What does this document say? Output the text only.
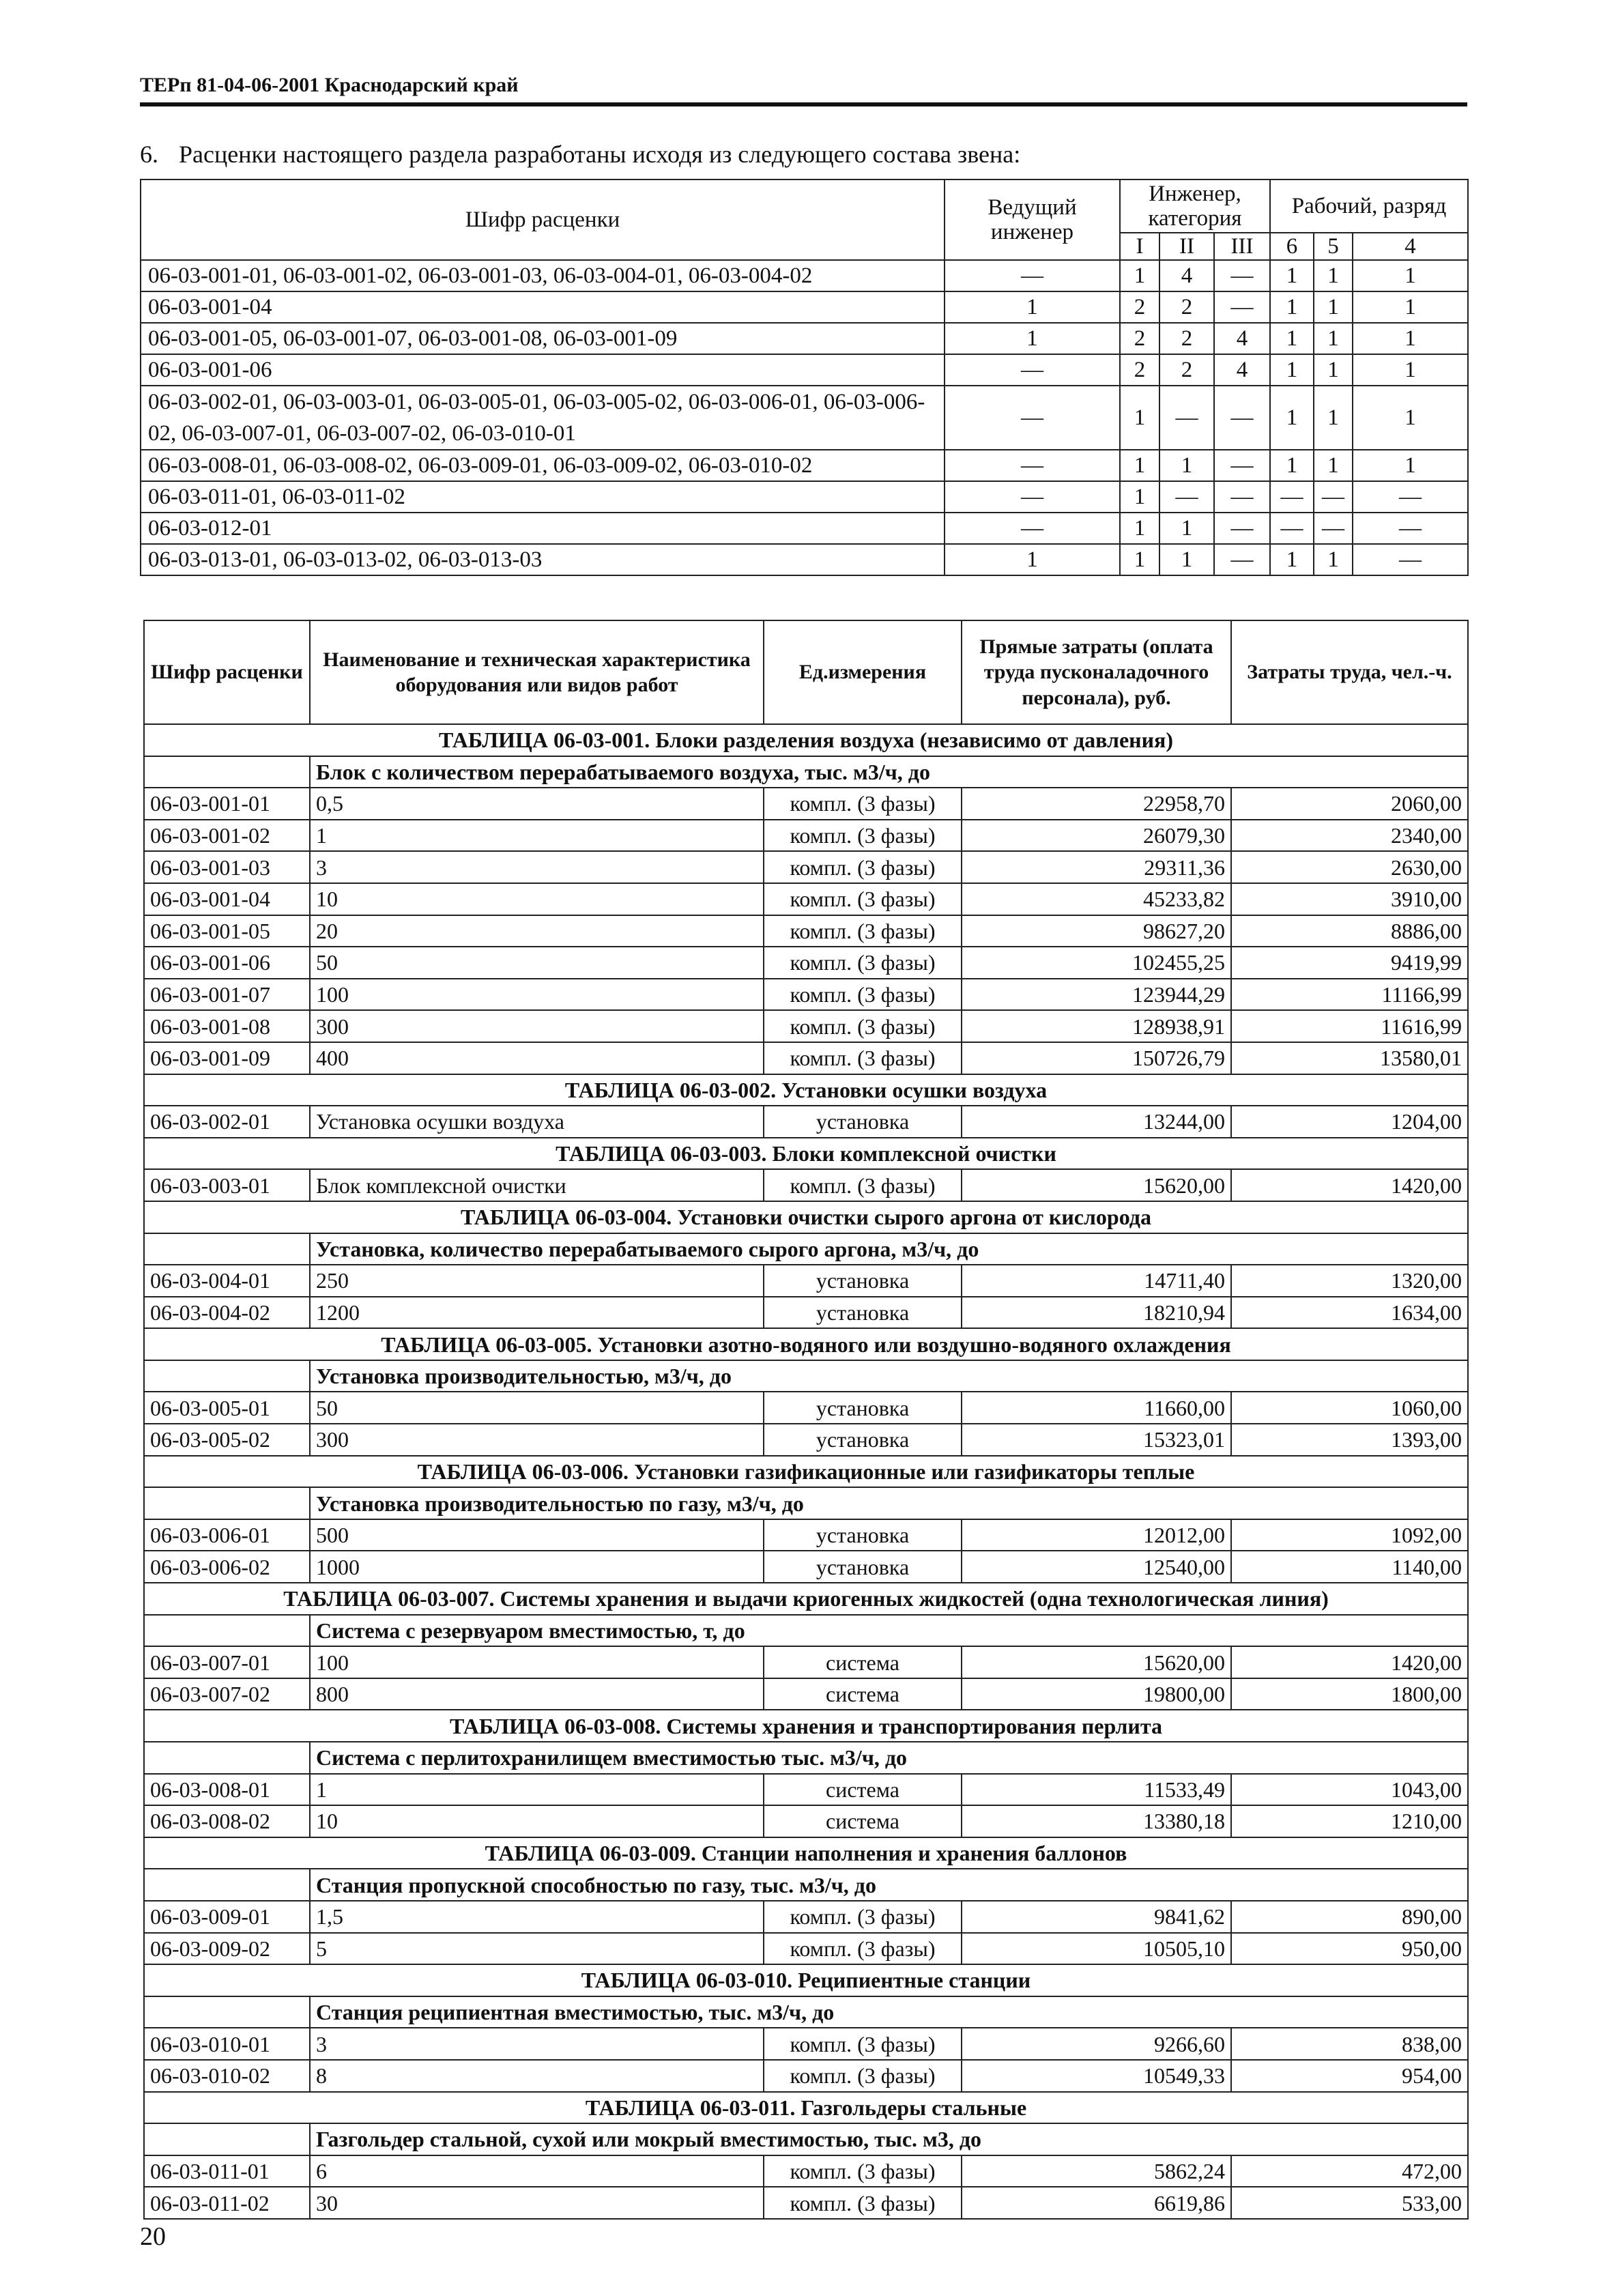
ТЕРп 81-04-06-2001 Краснодарский край
6. Расценки настоящего раздела разработаны исходя из следующего состава звена:
Шифр расценки	Ведущий инженер	Инженер, категория			Рабочий, разряд		
		I	II	III	6	5	4
06-03-001-01, 06-03-001-02, 06-03-001-03, 06-03-004-01, 06-03-004-02	—	1	4	—	1	1	1
06-03-001-04	1	2	2	—	1	1	1
06-03-001-05, 06-03-001-07, 06-03-001-08, 06-03-001-09	1	2	2	4	1	1	1
06-03-001-06	—	2	2	4	1	1	1
06-03-002-01, 06-03-003-01, 06-03-005-01, 06-03-005-02, 06-03-006-01, 06-03-006-02, 06-03-007-01, 06-03-007-02, 06-03-010-01	—	1	—	—	1	1	1
06-03-008-01, 06-03-008-02, 06-03-009-01, 06-03-009-02, 06-03-010-02	—	1	1	—	1	1	1
06-03-011-01, 06-03-011-02	—	1	—	—	—	—	—
06-03-012-01	—	1	1	—	—	—	—
06-03-013-01, 06-03-013-02, 06-03-013-03	1	1	1	—	1	1	—
Шифр расценки	Наименование и техническая характеристика оборудования или видов работ	Ед.измерения	Прямые затраты (оплата труда пусконаладочного персонала), руб.	Затраты труда, чел.-ч.
ТАБЛИЦА 06-03-001. Блоки разделения воздуха (независимо от давления)				
	Блок с количеством перерабатываемого воздуха, тыс. м3/ч, до			
06-03-001-01	0,5	компл. (3 фазы)	22958,70	2060,00
06-03-001-02	1	компл. (3 фазы)	26079,30	2340,00
06-03-001-03	3	компл. (3 фазы)	29311,36	2630,00
06-03-001-04	10	компл. (3 фазы)	45233,82	3910,00
06-03-001-05	20	компл. (3 фазы)	98627,20	8886,00
06-03-001-06	50	компл. (3 фазы)	102455,25	9419,99
06-03-001-07	100	компл. (3 фазы)	123944,29	11166,99
06-03-001-08	300	компл. (3 фазы)	128938,91	11616,99
06-03-001-09	400	компл. (3 фазы)	150726,79	13580,01
ТАБЛИЦА 06-03-002. Установки осушки воздуха				
06-03-002-01	Установка осушки воздуха	установка	13244,00	1204,00
ТАБЛИЦА 06-03-003. Блоки комплексной очистки				
06-03-003-01	Блок комплексной очистки	компл. (3 фазы)	15620,00	1420,00
ТАБЛИЦА 06-03-004. Установки очистки сырого аргона от кислорода				
	Установка, количество перерабатываемого сырого аргона, м3/ч, до			
06-03-004-01	250	установка	14711,40	1320,00
06-03-004-02	1200	установка	18210,94	1634,00
ТАБЛИЦА 06-03-005. Установки азотно-водяного или воздушно-водяного охлаждения				
	Установка производительностью, м3/ч, до			
06-03-005-01	50	установка	11660,00	1060,00
06-03-005-02	300	установка	15323,01	1393,00
ТАБЛИЦА 06-03-006. Установки газификационные или газификаторы теплые				
	Установка производительностью по газу, м3/ч, до			
06-03-006-01	500	установка	12012,00	1092,00
06-03-006-02	1000	установка	12540,00	1140,00
ТАБЛИЦА 06-03-007. Системы хранения и выдачи криогенных жидкостей (одна технологическая линия)				
	Система с резервуаром вместимостью, т, до			
06-03-007-01	100	система	15620,00	1420,00
06-03-007-02	800	система	19800,00	1800,00
ТАБЛИЦА 06-03-008. Системы хранения и транспортирования перлита				
	Система с перлитохранилищем вместимостью тыс. м3/ч, до			
06-03-008-01	1	система	11533,49	1043,00
06-03-008-02	10	система	13380,18	1210,00
ТАБЛИЦА 06-03-009. Станции наполнения и хранения баллонов				
	Станция пропускной способностью по газу, тыс. м3/ч, до			
06-03-009-01	1,5	компл. (3 фазы)	9841,62	890,00
06-03-009-02	5	компл. (3 фазы)	10505,10	950,00
ТАБЛИЦА 06-03-010. Реципиентные станции				
	Станция реципиентная вместимостью, тыс. м3/ч, до			
06-03-010-01	3	компл. (3 фазы)	9266,60	838,00
06-03-010-02	8	компл. (3 фазы)	10549,33	954,00
ТАБЛИЦА 06-03-011. Газгольдеры стальные				
	Газгольдер стальной, сухой или мокрый вместимостью, тыс. м3, до			
06-03-011-01	6	компл. (3 фазы)	5862,24	472,00
06-03-011-02	30	компл. (3 фазы)	6619,86	533,00
20
